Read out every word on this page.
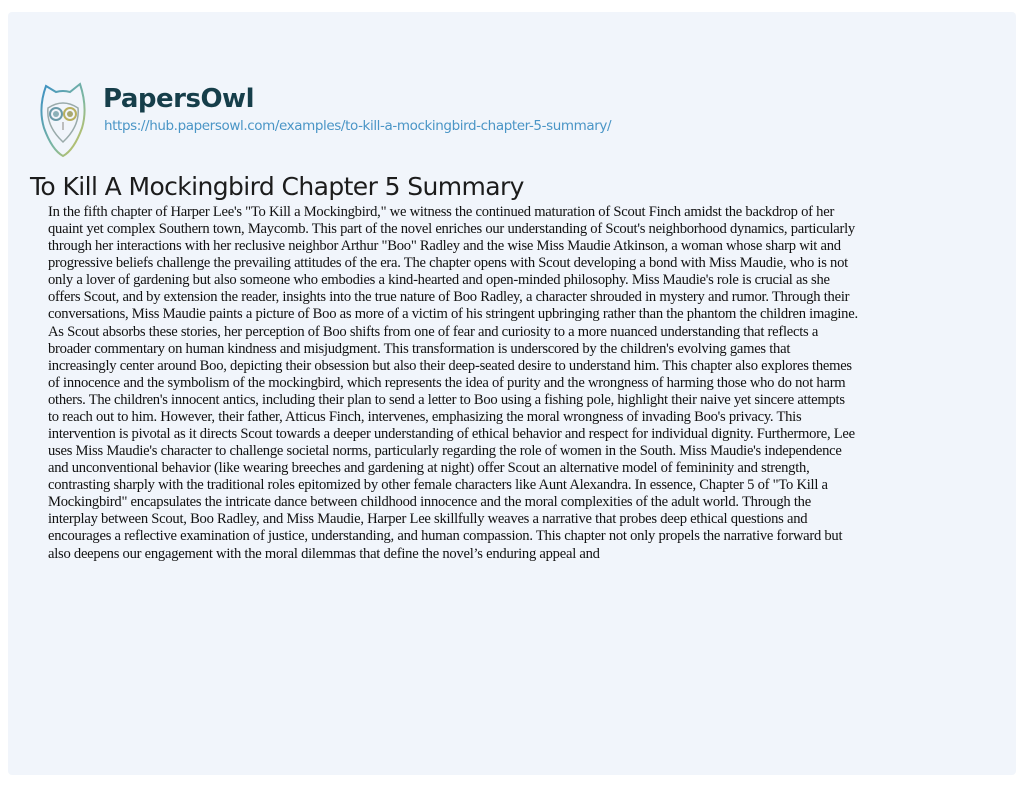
PapersOwl
https://hub.papersowl.com/examples/to-kill-a-mockingbird-chapter-5-summary/
To Kill A Mockingbird Chapter 5 Summary
In the fifth chapter of Harper Lee's "To Kill a Mockingbird," we witness the continued maturation of Scout Finch amidst the backdrop of her
quaint yet complex Southern town, Maycomb. This part of the novel enriches our understanding of Scout's neighborhood dynamics, particularly
through her interactions with her reclusive neighbor Arthur "Boo" Radley and the wise Miss Maudie Atkinson, a woman whose sharp wit and
progressive beliefs challenge the prevailing attitudes of the era. The chapter opens with Scout developing a bond with Miss Maudie, who is not
only a lover of gardening but also someone who embodies a kind-hearted and open-minded philosophy. Miss Maudie's role is crucial as she
offers Scout, and by extension the reader, insights into the true nature of Boo Radley, a character shrouded in mystery and rumor. Through their
conversations, Miss Maudie paints a picture of Boo as more of a victim of his stringent upbringing rather than the phantom the children imagine.
As Scout absorbs these stories, her perception of Boo shifts from one of fear and curiosity to a more nuanced understanding that reflects a
broader commentary on human kindness and misjudgment. This transformation is underscored by the children's evolving games that
increasingly center around Boo, depicting their obsession but also their deep-seated desire to understand him. This chapter also explores themes
of innocence and the symbolism of the mockingbird, which represents the idea of purity and the wrongness of harming those who do not harm
others. The children's innocent antics, including their plan to send a letter to Boo using a fishing pole, highlight their naive yet sincere attempts
to reach out to him. However, their father, Atticus Finch, intervenes, emphasizing the moral wrongness of invading Boo's privacy. This
intervention is pivotal as it directs Scout towards a deeper understanding of ethical behavior and respect for individual dignity. Furthermore, Lee
uses Miss Maudie's character to challenge societal norms, particularly regarding the role of women in the South. Miss Maudie's independence
and unconventional behavior (like wearing breeches and gardening at night) offer Scout an alternative model of femininity and strength,
contrasting sharply with the traditional roles epitomized by other female characters like Aunt Alexandra. In essence, Chapter 5 of "To Kill a
Mockingbird" encapsulates the intricate dance between childhood innocence and the moral complexities of the adult world. Through the
interplay between Scout, Boo Radley, and Miss Maudie, Harper Lee skillfully weaves a narrative that probes deep ethical questions and
encourages a reflective examination of justice, understanding, and human compassion. This chapter not only propels the narrative forward but
also deepens our engagement with the moral dilemmas that define the novel’s enduring appeal and
